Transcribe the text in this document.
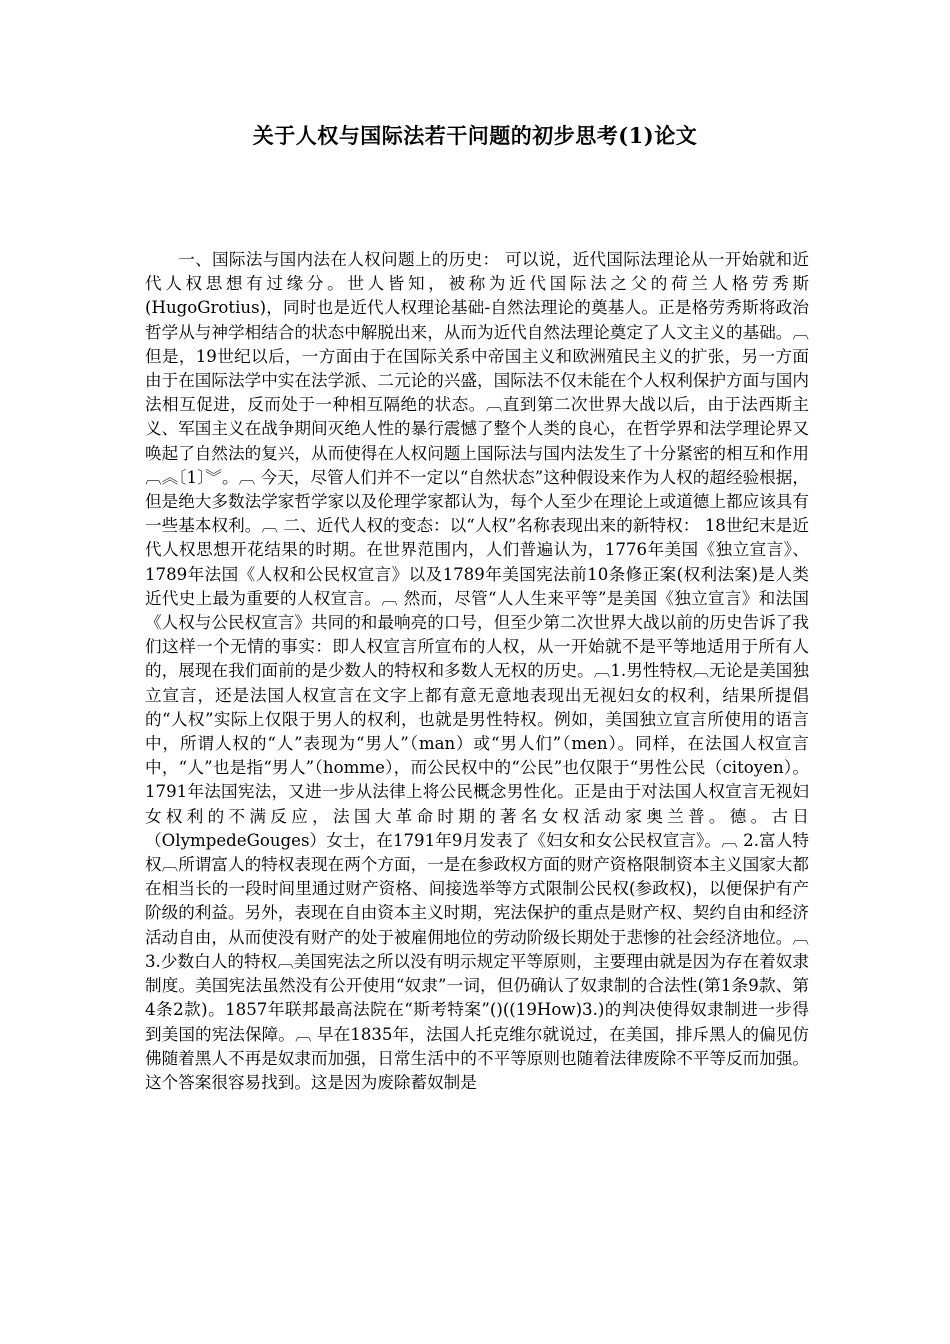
关于人权与国际法若干问题的初步思考(1)论文

一、国际法与国内法在人权问题上的历史： 可以说，近代国际法理论从一开始就和近代人权思想有过缘分。世人皆知，被称为近代国际法之父的荷兰人格劳秀斯(HugoGrotius)，同时也是近代人权理论基础-自然法理论的奠基人。正是格劳秀斯将政治哲学从与神学相结合的状态中解脱出来，从而为近代自然法理论奠定了人文主义的基础。︹ 但是，19世纪以后，一方面由于在国际关系中帝国主义和欧洲殖民主义的扩张，另一方面由于在国际法学中实在法学派、二元论的兴盛，国际法不仅未能在个人权利保护方面与国内法相互促进，反而处于一种相互隔绝的状态。︹直到第二次世界大战以后，由于法西斯主义、军国主义在战争期间灭绝人性的暴行震憾了整个人类的良心，在哲学界和法学理论界又唤起了自然法的复兴，从而使得在人权问题上国际法与国内法发生了十分紧密的相互和作用︹︽〔1〕︾。︹ 今天，尽管人们并不一定以“自然状态”这种假设来作为人权的超经验根据，但是绝大多数法学家哲学家以及伦理学家都认为，每个人至少在理论上或道德上都应该具有一些基本权利。︹ 二、近代人权的变态：以“人权”名称表现出来的新特权： 18世纪末是近代人权思想开花结果的时期。在世界范围内，人们普遍认为，1776年美国《独立宣言》、1789年法国《人权和公民权宣言》以及1789年美国宪法前10条修正案(权利法案)是人类近代史上最为重要的人权宣言。︹ 然而，尽管“人人生来平等”是美国《独立宣言》和法国《人权与公民权宣言》共同的和最响亮的口号，但至少第二次世界大战以前的历史告诉了我们这样一个无情的事实：即人权宣言所宣布的人权，从一开始就不是平等地适用于所有人的，展现在我们面前的是少数人的特权和多数人无权的历史。︹1.男性特权︹无论是美国独立宣言，还是法国人权宣言在文字上都有意无意地表现出无视妇女的权利，结果所提倡的“人权”实际上仅限于男人的权利，也就是男性特权。例如，美国独立宣言所使用的语言中，所谓人权的“人”表现为“男人”（man）或“男人们”（men）。同样，在法国人权宣言中，“人”也是指“男人”（homme），而公民权中的“公民”也仅限于“男性公民（citoyen）。1791年法国宪法，又进一步从法律上将公民概念男性化。正是由于对法国人权宣言无视妇女权利的不满反应，法国大革命时期的著名女权活动家奥兰普。德。古日（OlympedeGouges）女士，在1791年9月发表了《妇女和女公民权宣言》。︹ 2.富人特权︹所谓富人的特权表现在两个方面，一是在参政权方面的财产资格限制资本主义国家大都在相当长的一段时间里通过财产资格、间接选举等方式限制公民权(参政权)，以便保护有产阶级的利益。另外，表现在自由资本主义时期，宪法保护的重点是财产权、契约自由和经济活动自由，从而使没有财产的处于被雇佣地位的劳动阶级长期处于悲惨的社会经济地位。︹ 3.少数白人的特权︹美国宪法之所以没有明示规定平等原则，主要理由就是因为存在着奴隶制度。美国宪法虽然没有公开使用“奴隶”一词，但仍确认了奴隶制的合法性(第1条9款、第4条2款)。1857年联邦最高法院在“斯考特案”()((19How)3.)的判决使得奴隶制进一步得到美国的宪法保障。︹ 早在1835年，法国人托克维尔就说过，在美国，排斥黑人的偏见仿佛随着黑人不再是奴隶而加强，日常生活中的不平等原则也随着法律废除不平等反而加强。这个答案很容易找到。这是因为废除蓄奴制是
